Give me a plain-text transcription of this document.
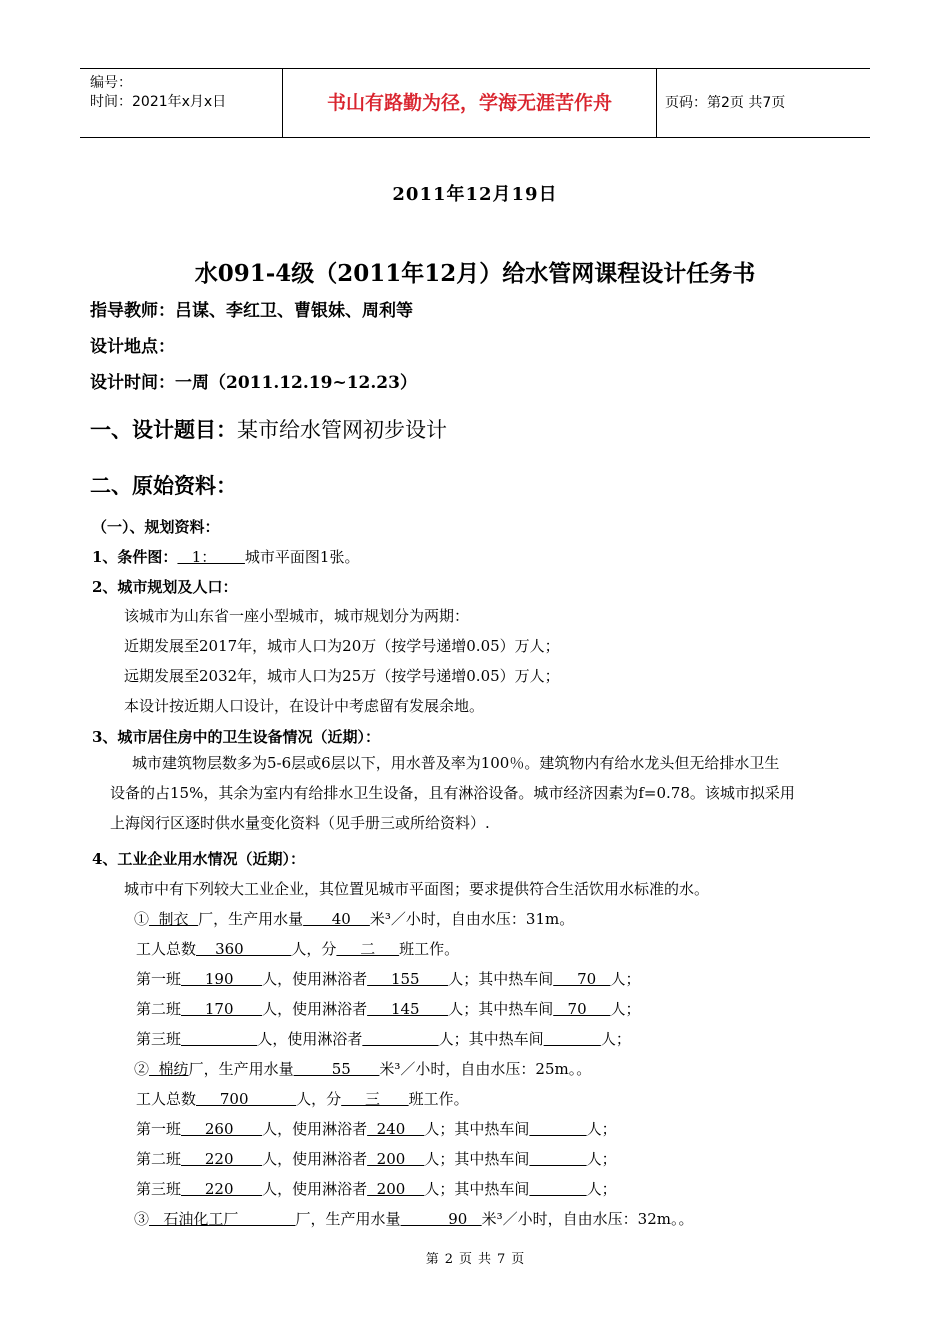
编号：
时间：2021年x月x日	书山有路勤为径，学海无涯苦作舟	页码：第2页 共7页
2011年12月19日
水091-4级（2011年12月）给水管网课程设计任务书
指导教师：吕谋、李红卫、曹银妹、周利等
设计地点：
设计时间：一周（2011.12.19~12.23）
一、设计题目：某市给水管网初步设计
二、原始资料：
（一）、规划资料：
1、条件图：   1：      城市平面图1张。
2、城市规划及人口：
该城市为山东省一座小型城市，城市规划分为两期：
近期发展至2017年，城市人口为20万（按学号递增0.05）万人；
远期发展至2032年，城市人口为25万（按学号递增0.05）万人；
本设计按近期人口设计，在设计中考虑留有发展余地。
3、城市居住房中的卫生设备情况（近期）：
城市建筑物层数多为5-6层或6层以下，用水普及率为100％。建筑物内有给水龙头但无给排水卫生
设备的占15%，其余为室内有给排水卫生设备，且有淋浴设备。城市经济因素为f=0.78。该城市拟采用
上海闵行区逐时供水量变化资料（见手册三或所给资料）.
4、工业企业用水情况（近期）：
城市中有下列较大工业企业，其位置见城市平面图；要求提供符合生活饮用水标准的水。
①  制衣  厂，生产用水量      40    米³／小时，自由水压：31m。
工人总数    360          人，分     二     班工作。
第一班     190      人，使用淋浴者     155      人；其中热车间     70   人；
第二班     170      人，使用淋浴者     145      人；其中热车间   70     人；
第三班	人，使用淋浴者	人；其中热车间	人；
②  棉纺厂，生产用水量        55      米³／小时，自由水压：25m。。
工人总数     700          人，分     三      班工作。
第一班     260      人，使用淋浴者  240    人；其中热车间	人；
第二班     220      人，使用淋浴者  200    人；其中热车间	人；
第三班     220      人，使用淋浴者  200    人；其中热车间	人；
③   石油化工厂            厂，生产用水量          90   米³／小时，自由水压：32m。。
第 2 页 共 7 页
